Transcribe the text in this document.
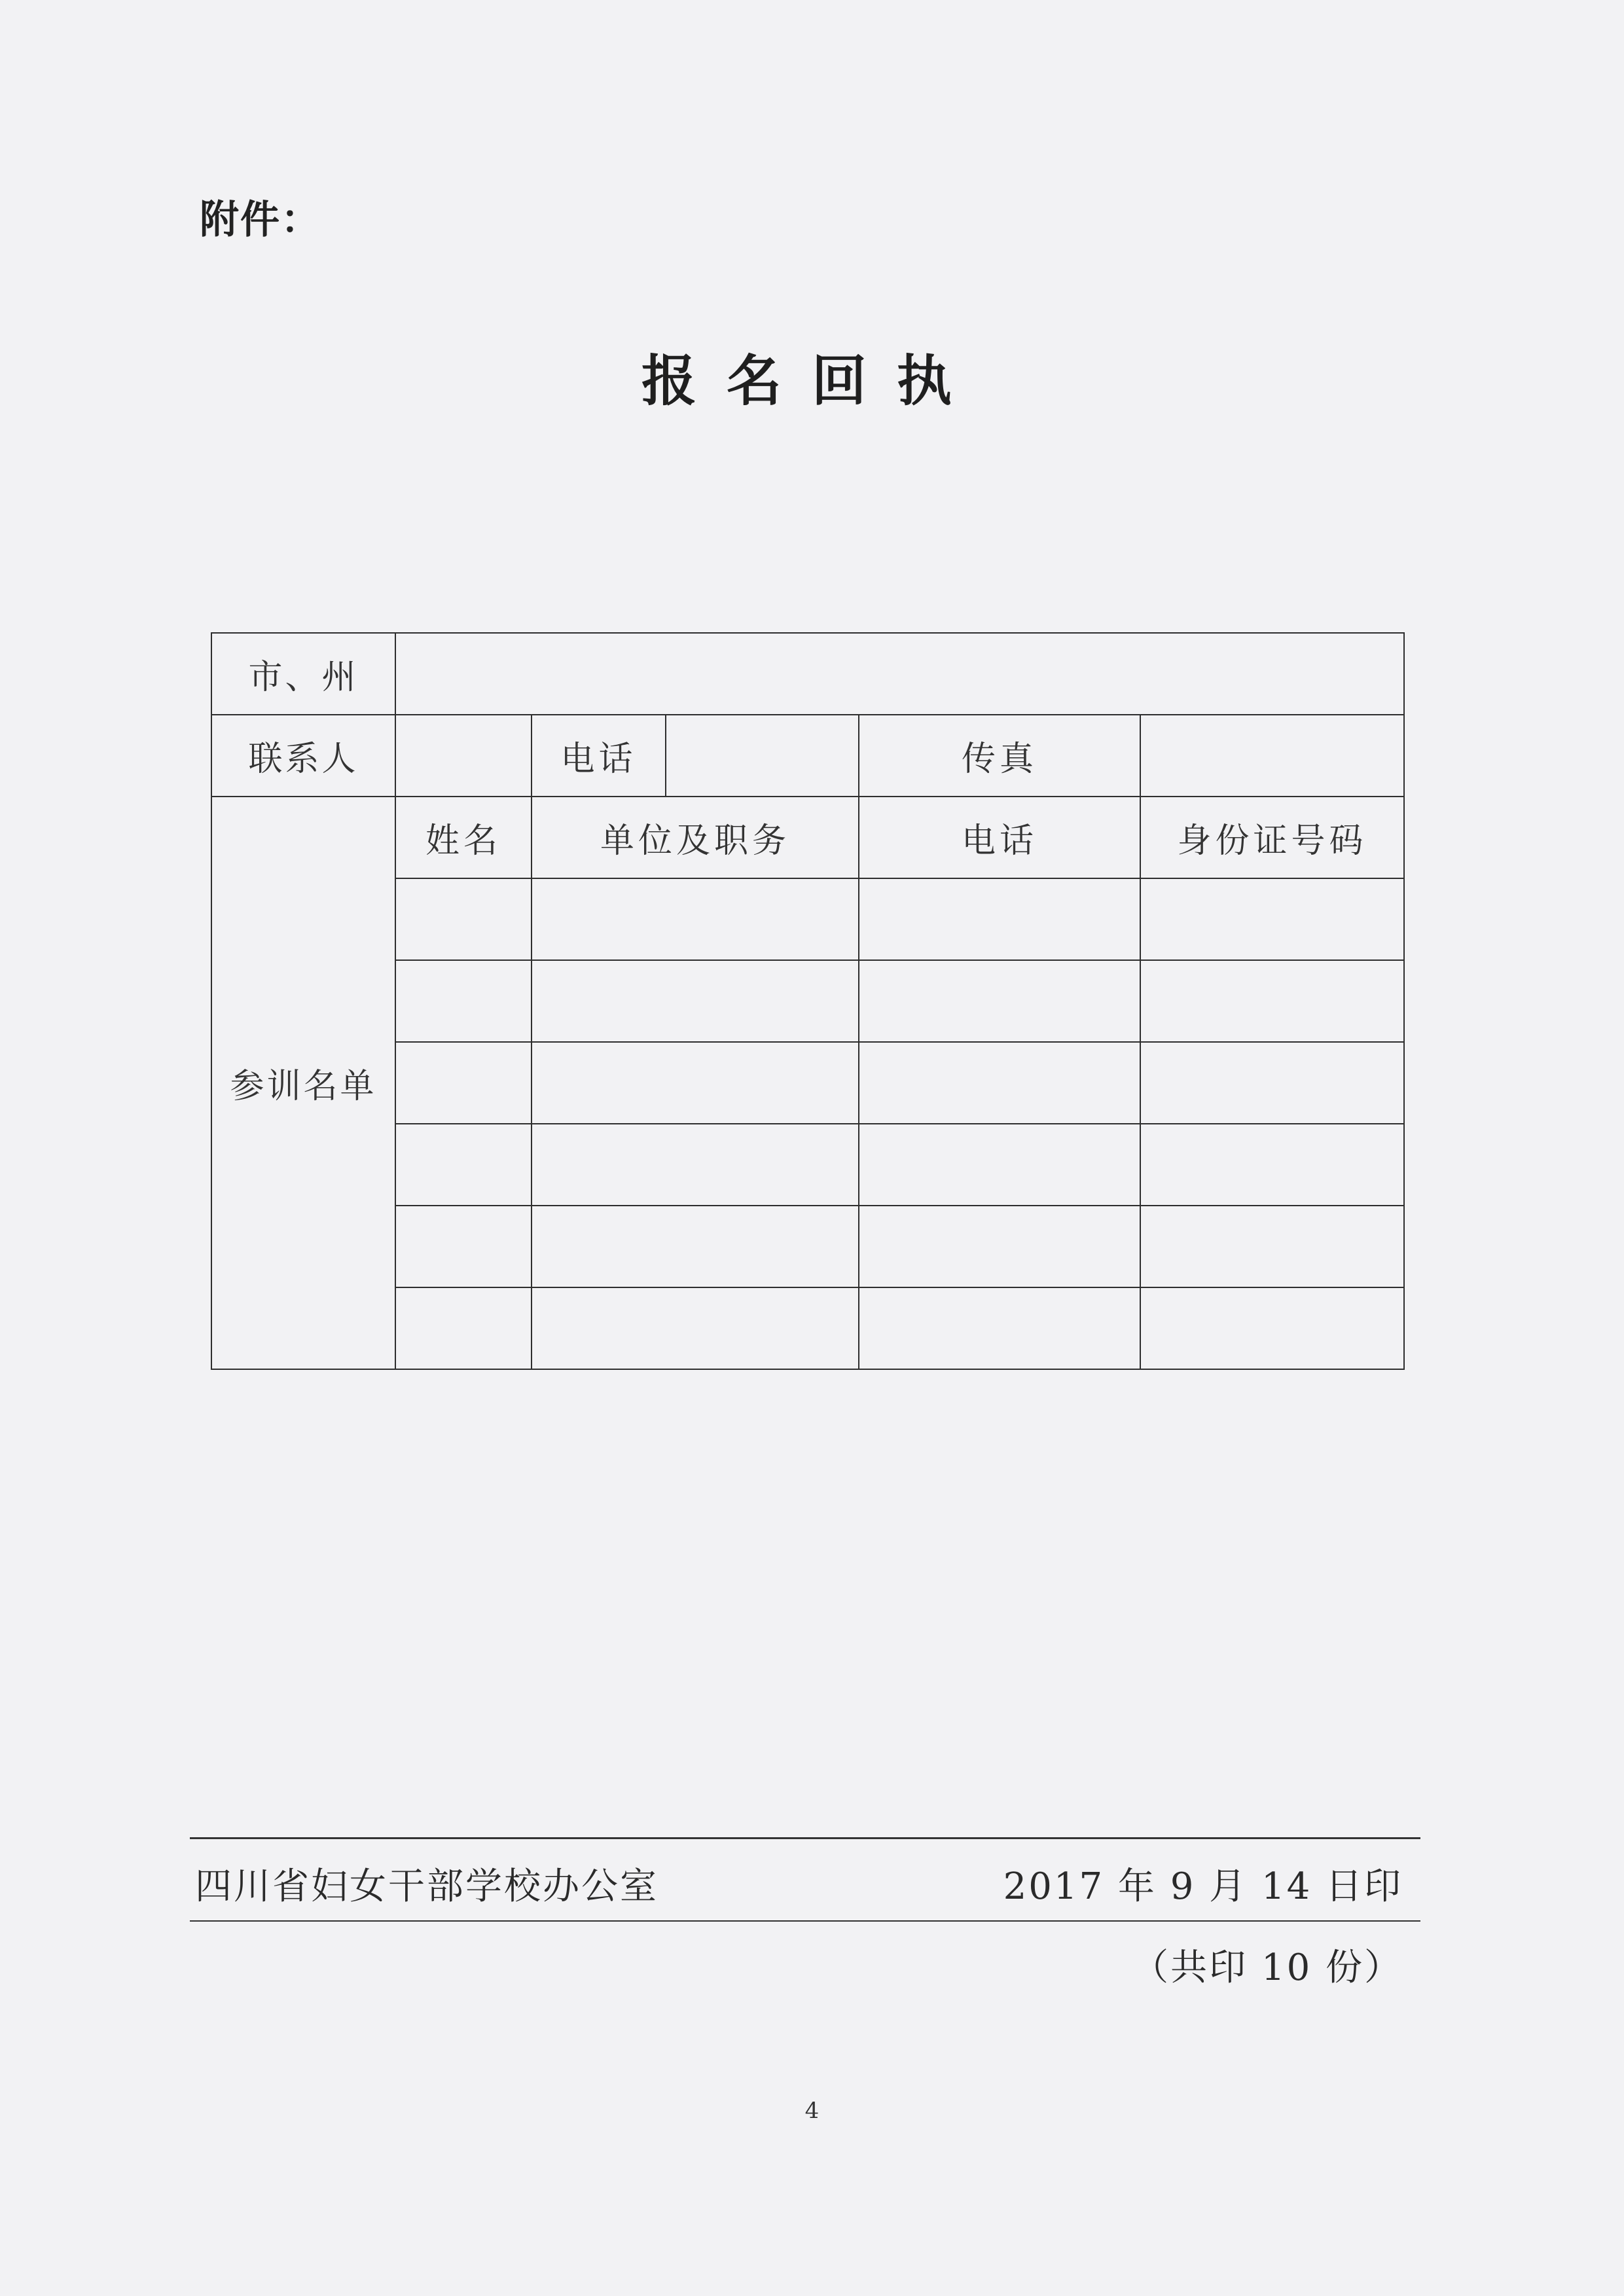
附件：
报名回执
市、州					
联系人		电话		传真	
参训名单	姓名	单位及职务		电话	身份证号码

四川省妇女干部学校办公室	2017 年 9 月 14 日印
（共印 10 份）
4
